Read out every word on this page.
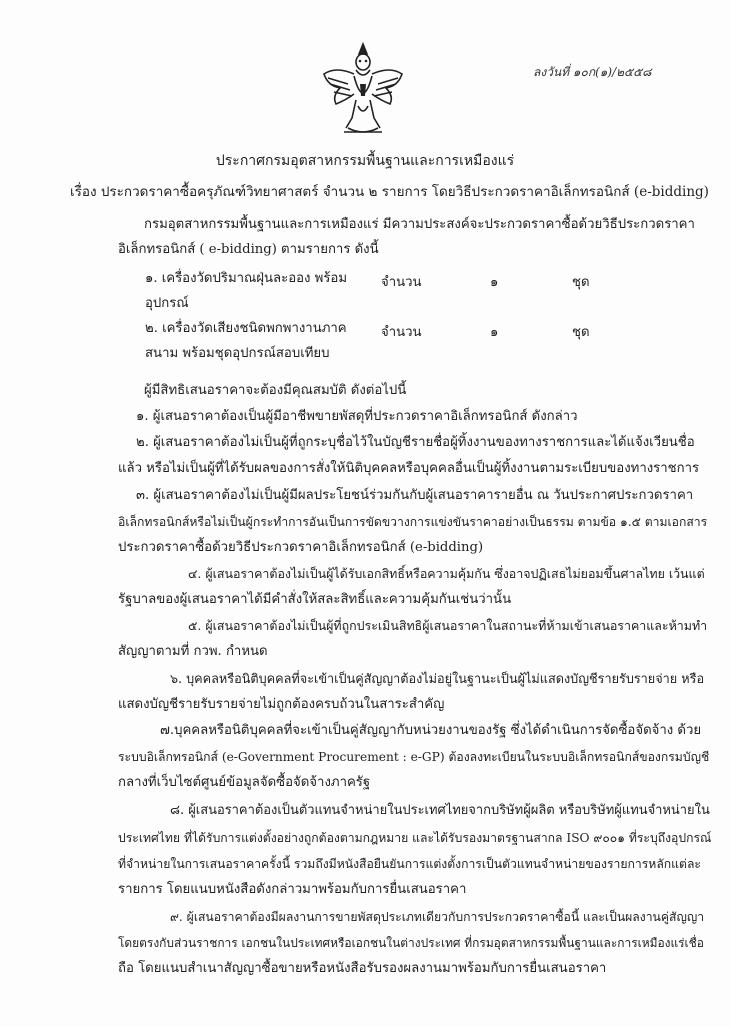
ลงวันที่ ๑๐ก(๑)/๒๕๕๘
ประกาศกรมอุตสาหกรรมพื้นฐานและการเหมืองแร่
เรื่อง ประกวดราคาซื้อครุภัณฑ์วิทยาศาสตร์ จำนวน ๒ รายการ โดยวิธีประกวดราคาอิเล็กทรอนิกส์ (e-bidding)
กรมอุตสาหกรรมพื้นฐานและการเหมืองแร่ มีความประสงค์จะประกวดราคาซื้อด้วยวิธีประกวดราคา
อิเล็กทรอนิกส์ ( e-bidding) ตามรายการ ดังนี้
๑. เครื่องวัดปริมาณฝุ่นละออง พร้อม
อุปกรณ์
จำนวน	๑	ชุด
๒. เครื่องวัดเสียงชนิดพกพางานภาค
สนาม พร้อมชุดอุปกรณ์สอบเทียบ
จำนวน	๑	ชุด
ผู้มีสิทธิเสนอราคาจะต้องมีคุณสมบัติ ดังต่อไปนี้
๑. ผู้เสนอราคาต้องเป็นผู้มีอาชีพขายพัสดุที่ประกวดราคาอิเล็กทรอนิกส์ ดังกล่าว
๒. ผู้เสนอราคาต้องไม่เป็นผู้ที่ถูกระบุชื่อไว้ในบัญชีรายชื่อผู้ทิ้งงานของทางราชการและได้แจ้งเวียนชื่อ
แล้ว หรือไม่เป็นผู้ที่ได้รับผลของการสั่งให้นิติบุคคลหรือบุคคลอื่นเป็นผู้ทิ้งงานตามระเบียบของทางราชการ
๓. ผู้เสนอราคาต้องไม่เป็นผู้มีผลประโยชน์ร่วมกันกับผู้เสนอราคารายอื่น ณ วันประกาศประกวดราคา
อิเล็กทรอนิกส์หรือไม่เป็นผู้กระทำการอันเป็นการขัดขวางการแข่งขันราคาอย่างเป็นธรรม ตามข้อ ๑.๕ ตามเอกสาร
ประกวดราคาซื้อด้วยวิธีประกวดราคาอิเล็กทรอนิกส์ (e-bidding)
๔. ผู้เสนอราคาต้องไม่เป็นผู้ได้รับเอกสิทธิ์หรือความคุ้มกัน ซึ่งอาจปฏิเสธไม่ยอมขึ้นศาลไทย เว้นแต่
รัฐบาลของผู้เสนอราคาได้มีคำสั่งให้สละสิทธิ์และความคุ้มกันเช่นว่านั้น
๕. ผู้เสนอราคาต้องไม่เป็นผู้ที่ถูกประเมินสิทธิผู้เสนอราคาในสถานะที่ห้ามเข้าเสนอราคาและห้ามทำ
สัญญาตามที่ กวพ. กำหนด
๖. บุคคลหรือนิติบุคคลที่จะเข้าเป็นคู่สัญญาต้องไม่อยู่ในฐานะเป็นผู้ไม่แสดงบัญชีรายรับรายจ่าย หรือ
แสดงบัญชีรายรับรายจ่ายไม่ถูกต้องครบถ้วนในสาระสำคัญ
๗.บุคคลหรือนิติบุคคลที่จะเข้าเป็นคู่สัญญากับหน่วยงานของรัฐ ซึ่งได้ดำเนินการจัดซื้อจัดจ้าง ด้วย
ระบบอิเล็กทรอนิกส์ (e-Government Procurement : e-GP) ต้องลงทะเบียนในระบบอิเล็กทรอนิกส์ของกรมบัญชี
กลางที่เว็บไซต์ศูนย์ข้อมูลจัดซื้อจัดจ้างภาครัฐ
๘. ผู้เสนอราคาต้องเป็นตัวแทนจำหน่ายในประเทศไทยจากบริษัทผู้ผลิต หรือบริษัทผู้แทนจำหน่ายใน
ประเทศไทย ที่ได้รับการแต่งตั้งอย่างถูกต้องตามกฎหมาย และได้รับรองมาตรฐานสากล ISO ๙๐๐๑ ที่ระบุถึงอุปกรณ์
ที่จำหน่ายในการเสนอราคาครั้งนี้ รวมถึงมีหนังสือยืนยันการแต่งตั้งการเป็นตัวแทนจำหน่ายของรายการหลักแต่ละ
รายการ โดยแนบหนังสือดังกล่าวมาพร้อมกับการยื่นเสนอราคา
๙. ผู้เสนอราคาต้องมีผลงานการขายพัสดุประเภทเดียวกับการประกวดราคาซื้อนี้ และเป็นผลงานคู่สัญญา
โดยตรงกับส่วนราชการ เอกชนในประเทศหรือเอกชนในต่างประเทศ ที่กรมอุตสาหกรรมพื้นฐานและการเหมืองแร่เชื่อ
ถือ โดยแนบสำเนาสัญญาซื้อขายหรือหนังสือรับรองผลงานมาพร้อมกับการยื่นเสนอราคา
